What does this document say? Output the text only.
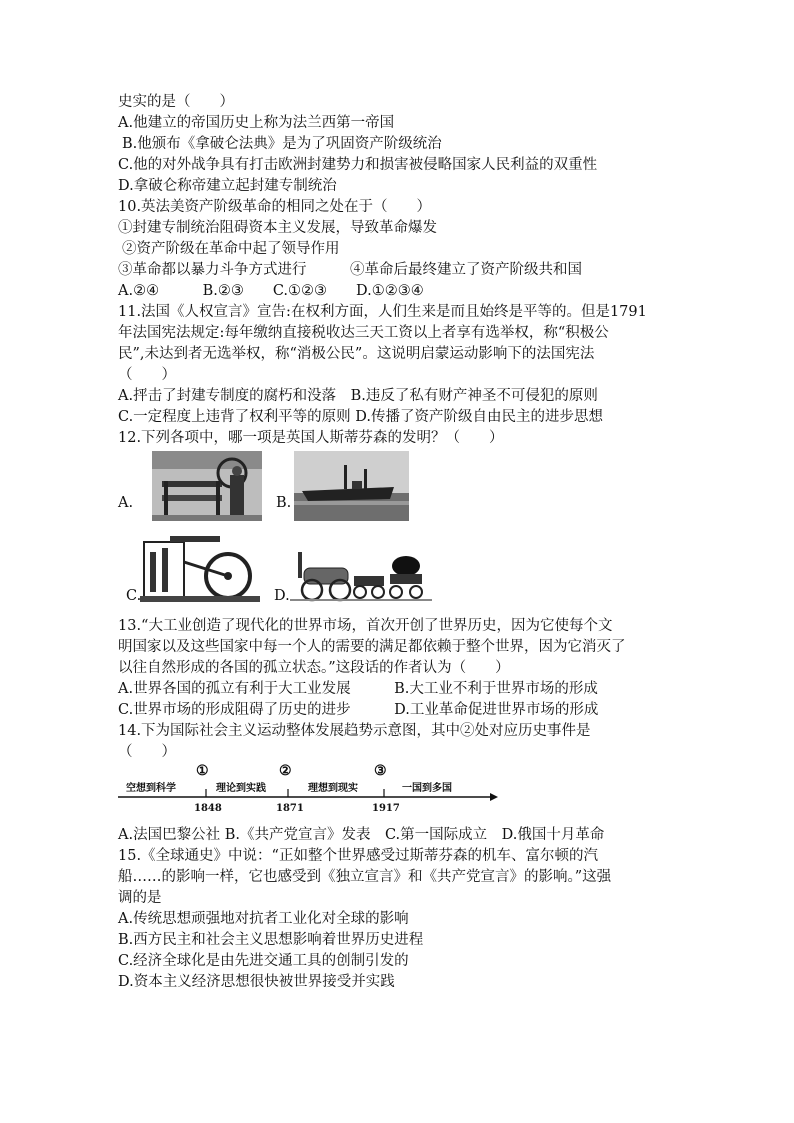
史实的是（　　）
A.他建立的帝国历史上称为法兰西第一帝国
B.他颁布《拿破仑法典》是为了巩固资产阶级统治
C.他的对外战争具有打击欧洲封建势力和损害被侵略国家人民利益的双重性
D.拿破仑称帝建立起封建专制统治
10.英法美资产阶级革命的相同之处在于（　　）
①封建专制统治阻碍资本主义发展，导致革命爆发
②资产阶级在革命中起了领导作用
③革命都以暴力斗争方式进行　　　④革命后最终建立了资产阶级共和国
A.②④　　　B.②③　　C.①②③　　D.①②③④
11.法国《人权宣言》宣告:在权利方面，人们生来是而且始终是平等的。但是1791
年法国宪法规定:每年缴纳直接税收达三天工资以上者享有选举权，称“积极公
民”,未达到者无选举权，称“消极公民”。这说明启蒙运动影响下的法国宪法
（　　）
A.抨击了封建专制度的腐朽和没落　B.违反了私有财产神圣不可侵犯的原则
C.一定程度上违背了权利平等的原则 D.传播了资产阶级自由民主的进步思想
12.下列各项中，哪一项是英国人斯蒂芬森的发明？（　　）
A.	B.
C.	D.
13.“大工业创造了现代化的世界市场，首次开创了世界历史，因为它使每个文
明国家以及这些国家中每一个人的需要的满足都依赖于整个世界，因为它消灭了
以往自然形成的各国的孤立状态。”这段话的作者认为（　　）
A.世界各国的孤立有利于大工业发展　　　B.大工业不利于世界市场的形成
C.世界市场的形成阻碍了历史的进步　　　D.工业革命促进世界市场的形成
14.下为国际社会主义运动整体发展趋势示意图，其中②处对应历史事件是
（　　）
空想到科学	理论到实践	理想到现实	一国到多国
①	②	③
1848	1871	1917
A.法国巴黎公社 B.《共产党宣言》发表　C.第一国际成立　D.俄国十月革命
15.《全球通史》中说：“正如整个世界感受过斯蒂芬森的机车、富尔顿的汽
船……的影响一样，它也感受到《独立宣言》和《共产党宣言》的影响。”这强
调的是
A.传统思想顽强地对抗者工业化对全球的影响
B.西方民主和社会主义思想影响着世界历史进程
C.经济全球化是由先进交通工具的创制引发的
D.资本主义经济思想很快被世界接受并实践
